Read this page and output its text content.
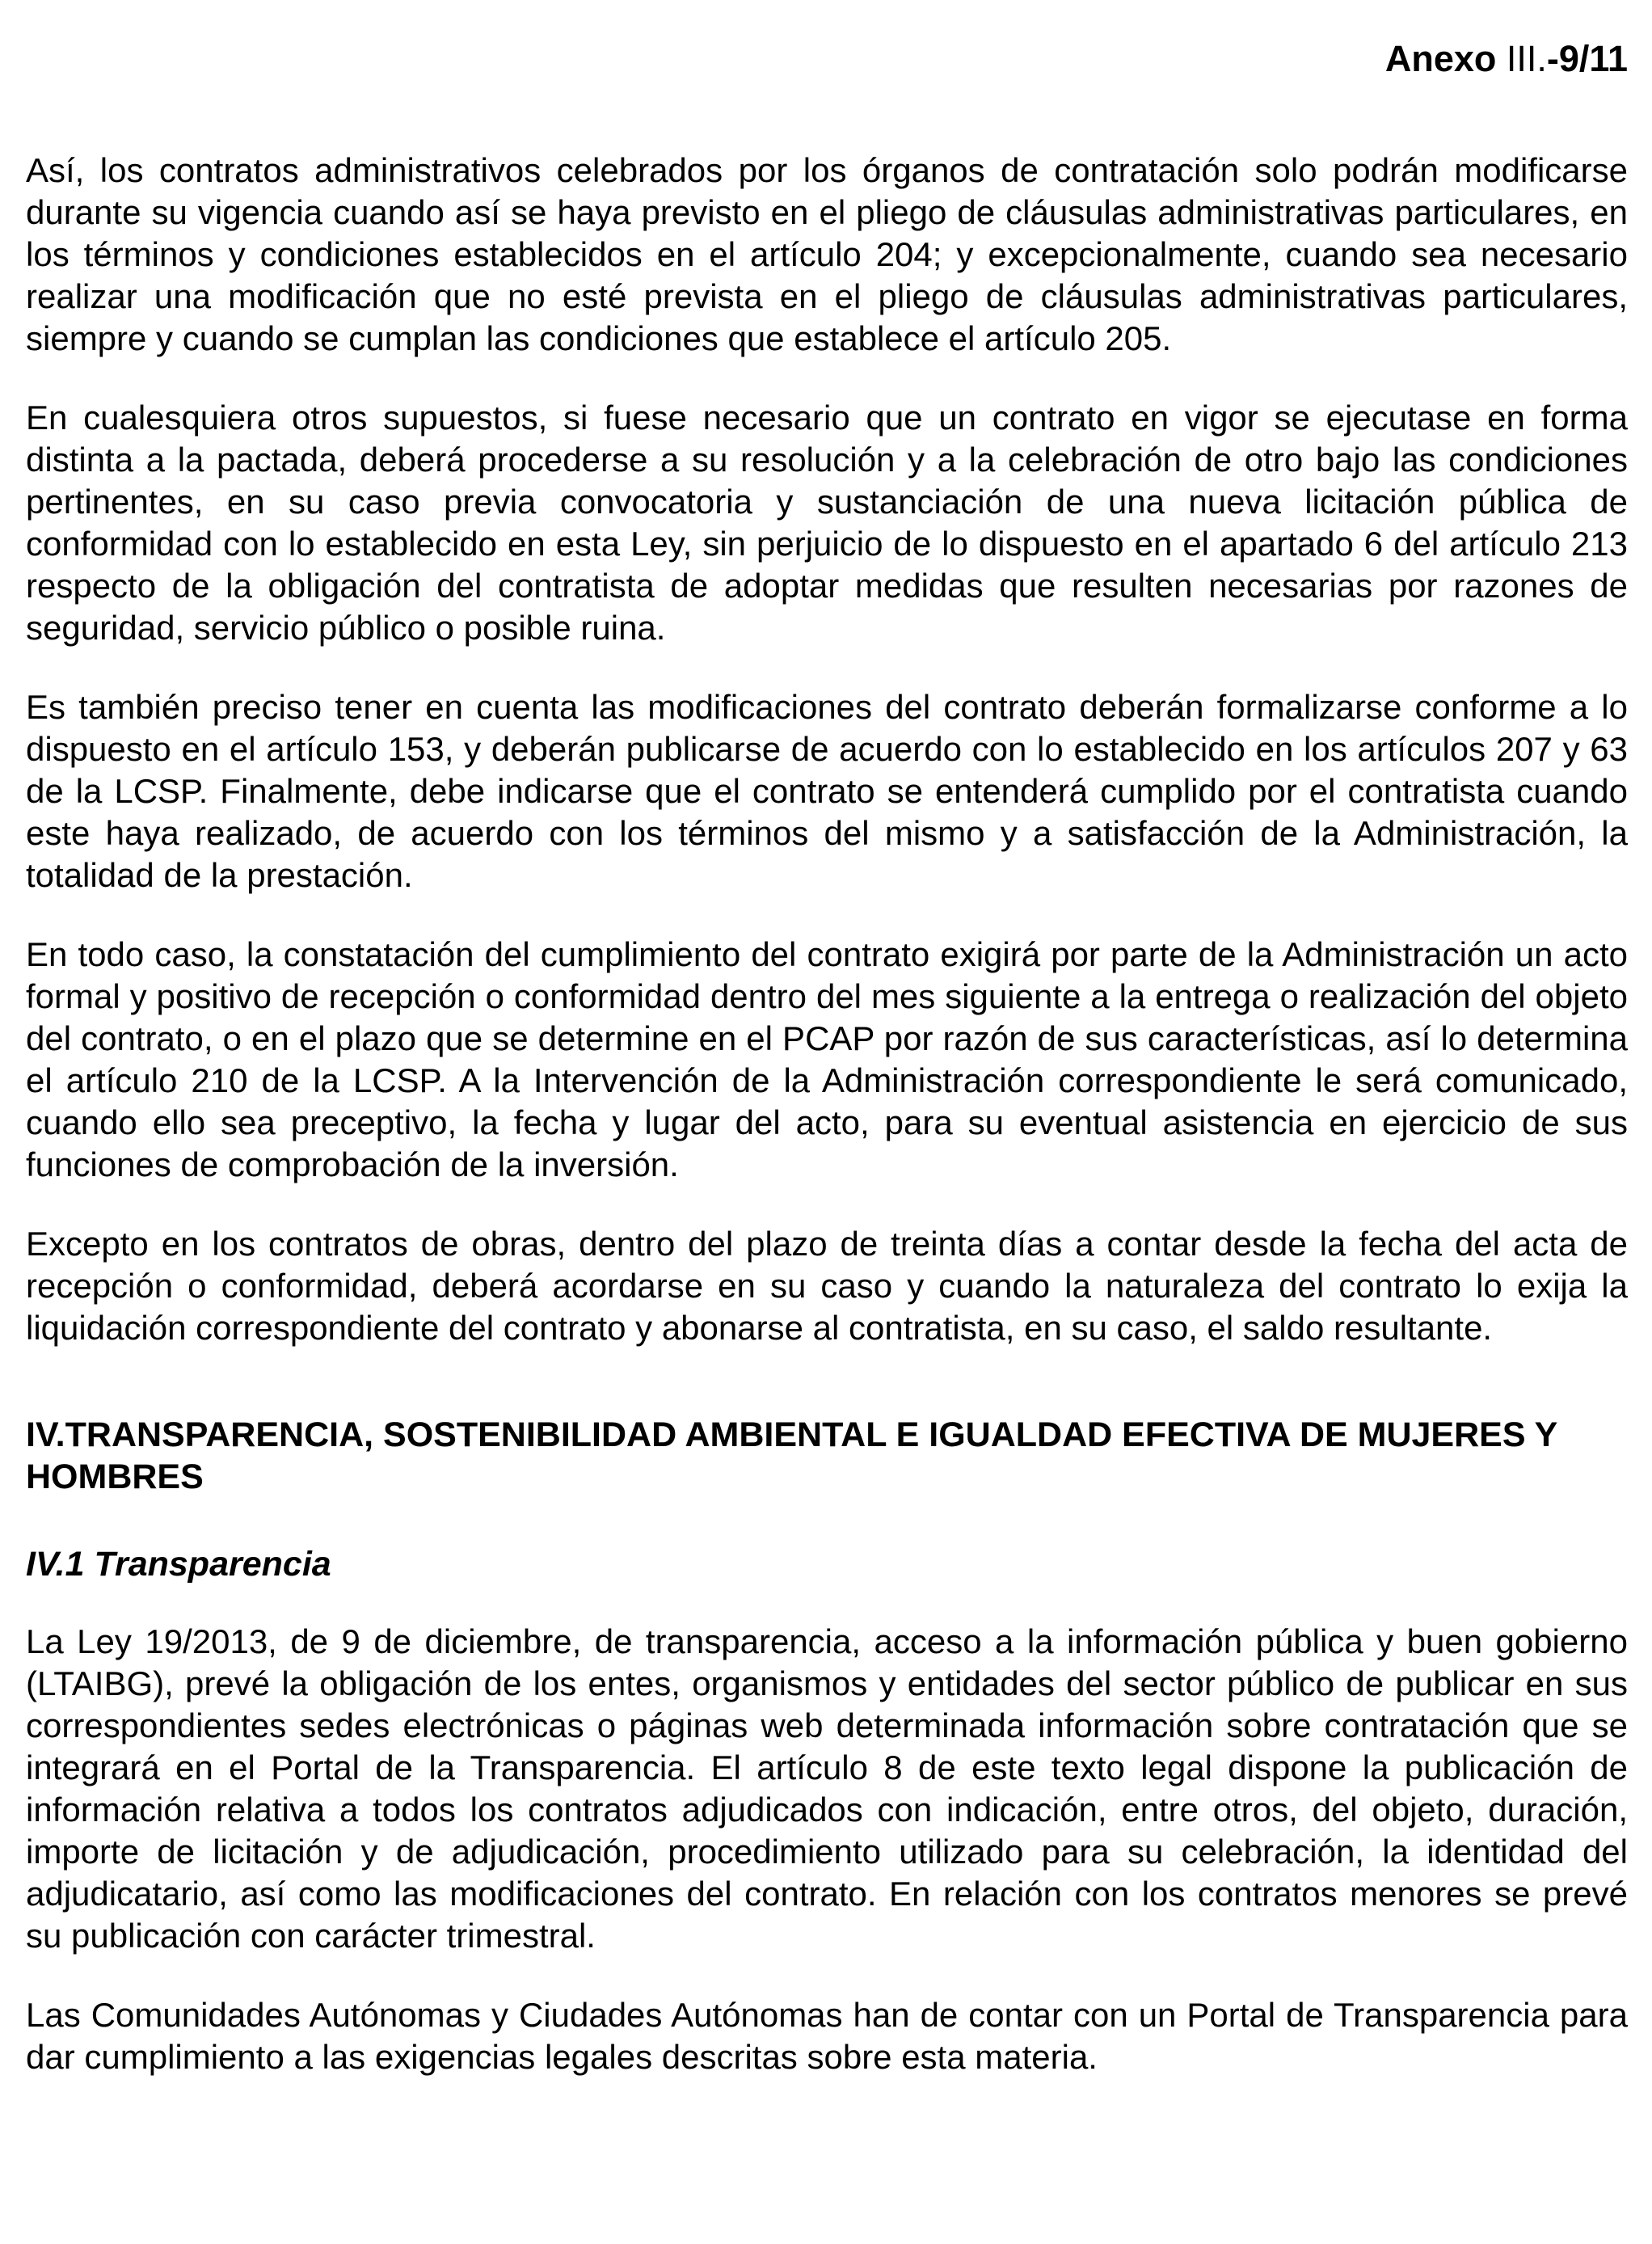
Anexo III.-9/11

Así, los contratos administrativos celebrados por los órganos de contratación solo podrán modificarse durante su vigencia cuando así se haya previsto en el pliego de cláusulas administrativas particulares, en los términos y condiciones establecidos en el artículo 204; y excepcionalmente, cuando sea necesario realizar una modificación que no esté prevista en el pliego de cláusulas administrativas particulares, siempre y cuando se cumplan las condiciones que establece el artículo 205.

En cualesquiera otros supuestos, si fuese necesario que un contrato en vigor se ejecutase en forma distinta a la pactada, deberá procederse a su resolución y a la celebración de otro bajo las condiciones pertinentes, en su caso previa convocatoria y sustanciación de una nueva licitación pública de conformidad con lo establecido en esta Ley, sin perjuicio de lo dispuesto en el apartado 6 del artículo 213 respecto de la obligación del contratista de adoptar medidas que resulten necesarias por razones de seguridad, servicio público o posible ruina.

Es también preciso tener en cuenta las modificaciones del contrato deberán formalizarse conforme a lo dispuesto en el artículo 153, y deberán publicarse de acuerdo con lo establecido en los artículos 207 y 63 de la LCSP. Finalmente, debe indicarse que el contrato se entenderá cumplido por el contratista cuando este haya realizado, de acuerdo con los términos del mismo y a satisfacción de la Administración, la totalidad de la prestación.

En todo caso, la constatación del cumplimiento del contrato exigirá por parte de la Administración un acto formal y positivo de recepción o conformidad dentro del mes siguiente a la entrega o realización del objeto del contrato, o en el plazo que se determine en el PCAP por razón de sus características, así lo determina el artículo 210 de la LCSP. A la Intervención de la Administración correspondiente le será comunicado, cuando ello sea preceptivo, la fecha y lugar del acto, para su eventual asistencia en ejercicio de sus funciones de comprobación de la inversión.

Excepto en los contratos de obras, dentro del plazo de treinta días a contar desde la fecha del acta de recepción o conformidad, deberá acordarse en su caso y cuando la naturaleza del contrato lo exija la liquidación correspondiente del contrato y abonarse al contratista, en su caso, el saldo resultante.

IV.TRANSPARENCIA, SOSTENIBILIDAD AMBIENTAL E IGUALDAD EFECTIVA DE MUJERES Y HOMBRES
IV.1 Transparencia

La Ley 19/2013, de 9 de diciembre, de transparencia, acceso a la información pública y buen gobierno (LTAIBG), prevé la obligación de los entes, organismos y entidades del sector público de publicar en sus correspondientes sedes electrónicas o páginas web determinada información sobre contratación que se integrará en el Portal de la Transparencia. El artículo 8 de este texto legal dispone la publicación de información relativa a todos los contratos adjudicados con indicación, entre otros, del objeto, duración, importe de licitación y de adjudicación, procedimiento utilizado para su celebración, la identidad del adjudicatario, así como las modificaciones del contrato. En relación con los contratos menores se prevé su publicación con carácter trimestral.

Las Comunidades Autónomas y Ciudades Autónomas han de contar con un Portal de Transparencia para dar cumplimiento a las exigencias legales descritas sobre esta materia.
